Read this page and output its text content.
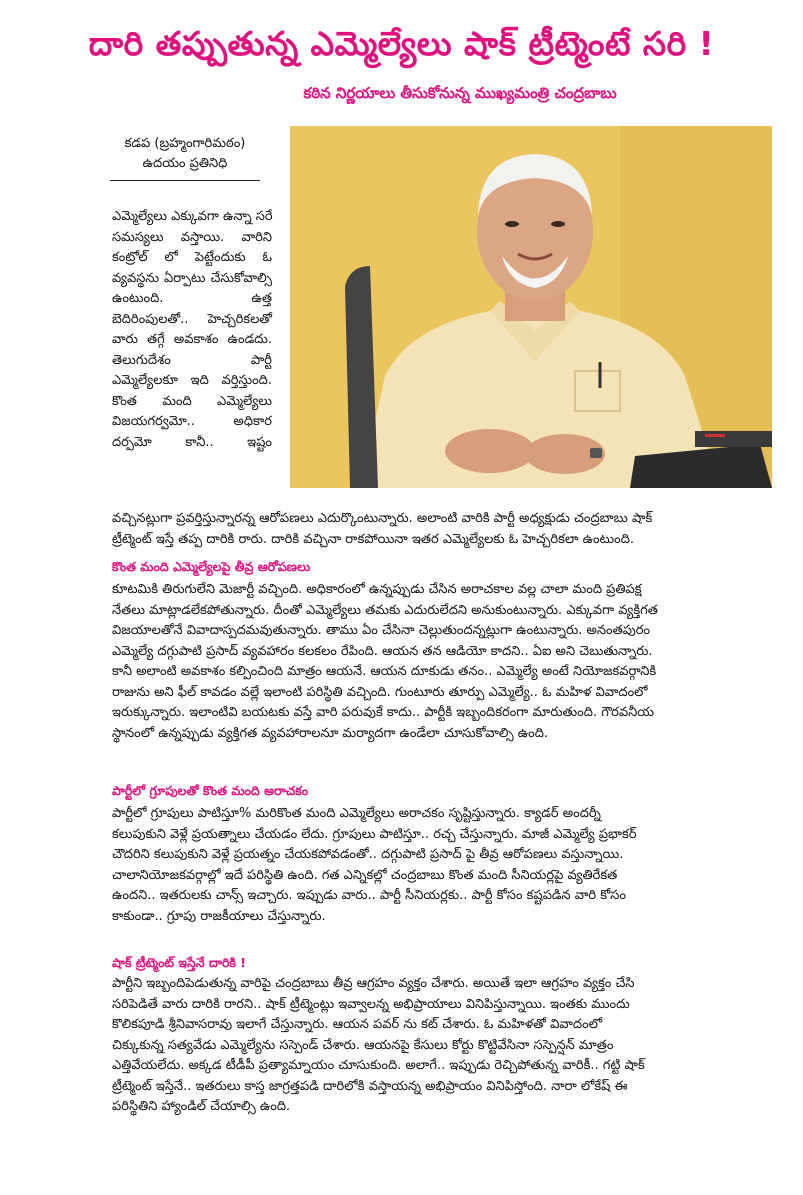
దారి తప్పుతున్న ఎమ్మెల్యేలు షాక్ ట్రీట్మెంటే సరి !
కఠిన నిర్ణయాలు తీసుకోనున్న ముఖ్యమంత్రి చంద్రబాబు
కడప (బ్రహ్మంగారిమఠం)
ఉదయం ప్రతినిధి
ఎమ్మెల్యేలు ఎక్కువగా ఉన్నా సరే
సమస్యలు వస్తాయి. వారిని
కంట్రోల్ లో పెట్టేందుకు ఓ
వ్యవస్థను ఏర్పాటు చేసుకోవాల్సి
ఉంటుంది. ఉత్త
బెదిరింపులతో.. హెచ్చరికలతో
వారు తగ్గే అవకాశం ఉండదు.
తెలుగుదేశం పార్టీ
ఎమ్మెల్యేలకూ ఇది వర్తిస్తుంది.
కొంత మంది ఎమ్మెల్యేలు
విజయగర్వమో.. అధికార
దర్పమో కానీ.. ఇష్టం
వచ్చినట్లుగా ప్రవర్తిస్తున్నారన్న ఆరోపణలు ఎదుర్కొంటున్నారు. అలాంటి వారికి పార్టీ అధ్యక్షుడు చంద్రబాబు షాక్
ట్రీట్మెంట్ ఇస్తే తప్ప దారికి రారు. దారికి వచ్చినా రాకపోయినా ఇతర ఎమ్మెల్యేలకు ఓ హెచ్చరికలా ఉంటుంది.
కొంత మంది ఎమ్మెల్యేలపై తీవ్ర ఆరోపణలు
కూటమికి తిరుగులేని మెజార్టీ వచ్చింది. అధికారంలో ఉన్నప్పుడు చేసిన అరాచకాల వల్ల చాలా మంది ప్రతిపక్ష
నేతలు మాట్లాడలేకపోతున్నారు. దీంతో ఎమ్మెల్యేలు తమకు ఎదురులేదని అనుకుంటున్నారు. ఎక్కువగా వ్యక్తిగత
విజయాలతోనే వివాదాస్పదమవుతున్నారు. తాము ఏం చేసినా చెల్లుతుందన్నట్లుగా ఉంటున్నారు. అనంతపురం
ఎమ్మెల్యే దగ్గుపాటి ప్రసాద్ వ్యవహారం కలకలం రేపింది. ఆయన తన ఆడియో కాదని.. ఏఐ అని చెబుతున్నారు.
కానీ అలాంటి అవకాశం కల్పించింది మాత్రం ఆయనే. ఆయన దూకుడు తనం.. ఎమ్మెల్యే అంటే నియోజకవర్గానికి
రాజును అని ఫీల్ కావడం వల్లే ఇలాంటి పరిస్థితి వచ్చింది. గుంటూరు తూర్పు ఎమ్మెల్యే.. ఓ మహిళ వివాదంలో
ఇరుక్కున్నారు. ఇలాంటివి బయటకు వస్తే వారి పరువుకే కాదు.. పార్టీకి ఇబ్బందికరంగా మారుతుంది. గౌరవనీయ
స్థానంలో ఉన్నప్పుడు వ్యక్తిగత వ్యవహారాలనూ మర్యాదగా ఉండేలా చూసుకోవాల్సి ఉంది.
పార్టీలో గ్రూపులతో కొంత మంది అరాచకం
పార్టీలో గ్రూపులు పాటిస్తూ% మరికొంత మంది ఎమ్మెల్యేలు అరాచకం సృష్టిస్తున్నారు. క్యాడర్ అందర్నీ
కలుపుకుని వెళ్లే ప్రయత్నాలు చేయడం లేదు. గ్రూపులు పాటిస్తూ.. రచ్చ చేస్తున్నారు. మాజీ ఎమ్మెల్యే ప్రభాకర్
చౌదరిని కలుపుకుని వెళ్లే ప్రయత్నం చేయకపోవడంతో.. దగ్గుపాటి ప్రసాద్ పై తీవ్ర ఆరోపణలు వస్తున్నాయి.
చాలానియోజకవర్గాల్లో ఇదే పరిస్థితి ఉంది. గత ఎన్నికల్లో చంద్రబాబు కొంత మంది సీనియర్లపై వ్యతిరేకత
ఉందని.. ఇతరులకు చాన్స్ ఇచ్చారు. ఇప్పుడు వారు.. పార్టీ సీనియర్లకు.. పార్టీ కోసం కష్టపడిన వారి కోసం
కాకుండా.. గ్రూపు రాజకీయాలు చేస్తున్నారు.
షాక్ ట్రీట్మెంట్ ఇస్తేనే దారికి !
పార్టీని ఇబ్బందిపెడుతున్న వారిపై చంద్రబాబు తీవ్ర ఆగ్రహం వ్యక్తం చేశారు. అయితే ఇలా ఆగ్రహం వ్యక్తం చేసి
సరిపెడితే వారు దారికి రారని.. షాక్ ట్రీట్మెంట్లు ఇవ్వాలన్న అభిప్రాయాలు వినిపిస్తున్నాయి. ఇంతకు ముందు
కొలికపూడి శ్రీనివాసరావు ఇలాగే చేస్తున్నారు. ఆయన పవర్ ను కట్ చేశారు. ఓ మహిళతో వివాదంలో
చిక్కుకున్న సత్యవేడు ఎమ్మెల్యేను సస్పెండ్ చేశారు. ఆయనపై కేసులు కోర్టు కొట్టివేసినా సస్పెన్షన్ మాత్రం
ఎత్తివేయలేదు. అక్కడ టీడీపీ ప్రత్యామ్నాయం చూసుకుంది. అలాగే.. ఇప్పుడు రెచ్చిపోతున్న వారికీ.. గట్టి షాక్
ట్రీట్మెంట్ ఇస్తేనే.. ఇతరులు కాస్త జాగ్రత్తపడి దారిలోకి వస్తాయన్న అభిప్రాయం వినిపిస్తోంది. నారా లోకేష్ ఈ
పరిస్థితిని హ్యాండిల్ చేయాల్సి ఉంది.
